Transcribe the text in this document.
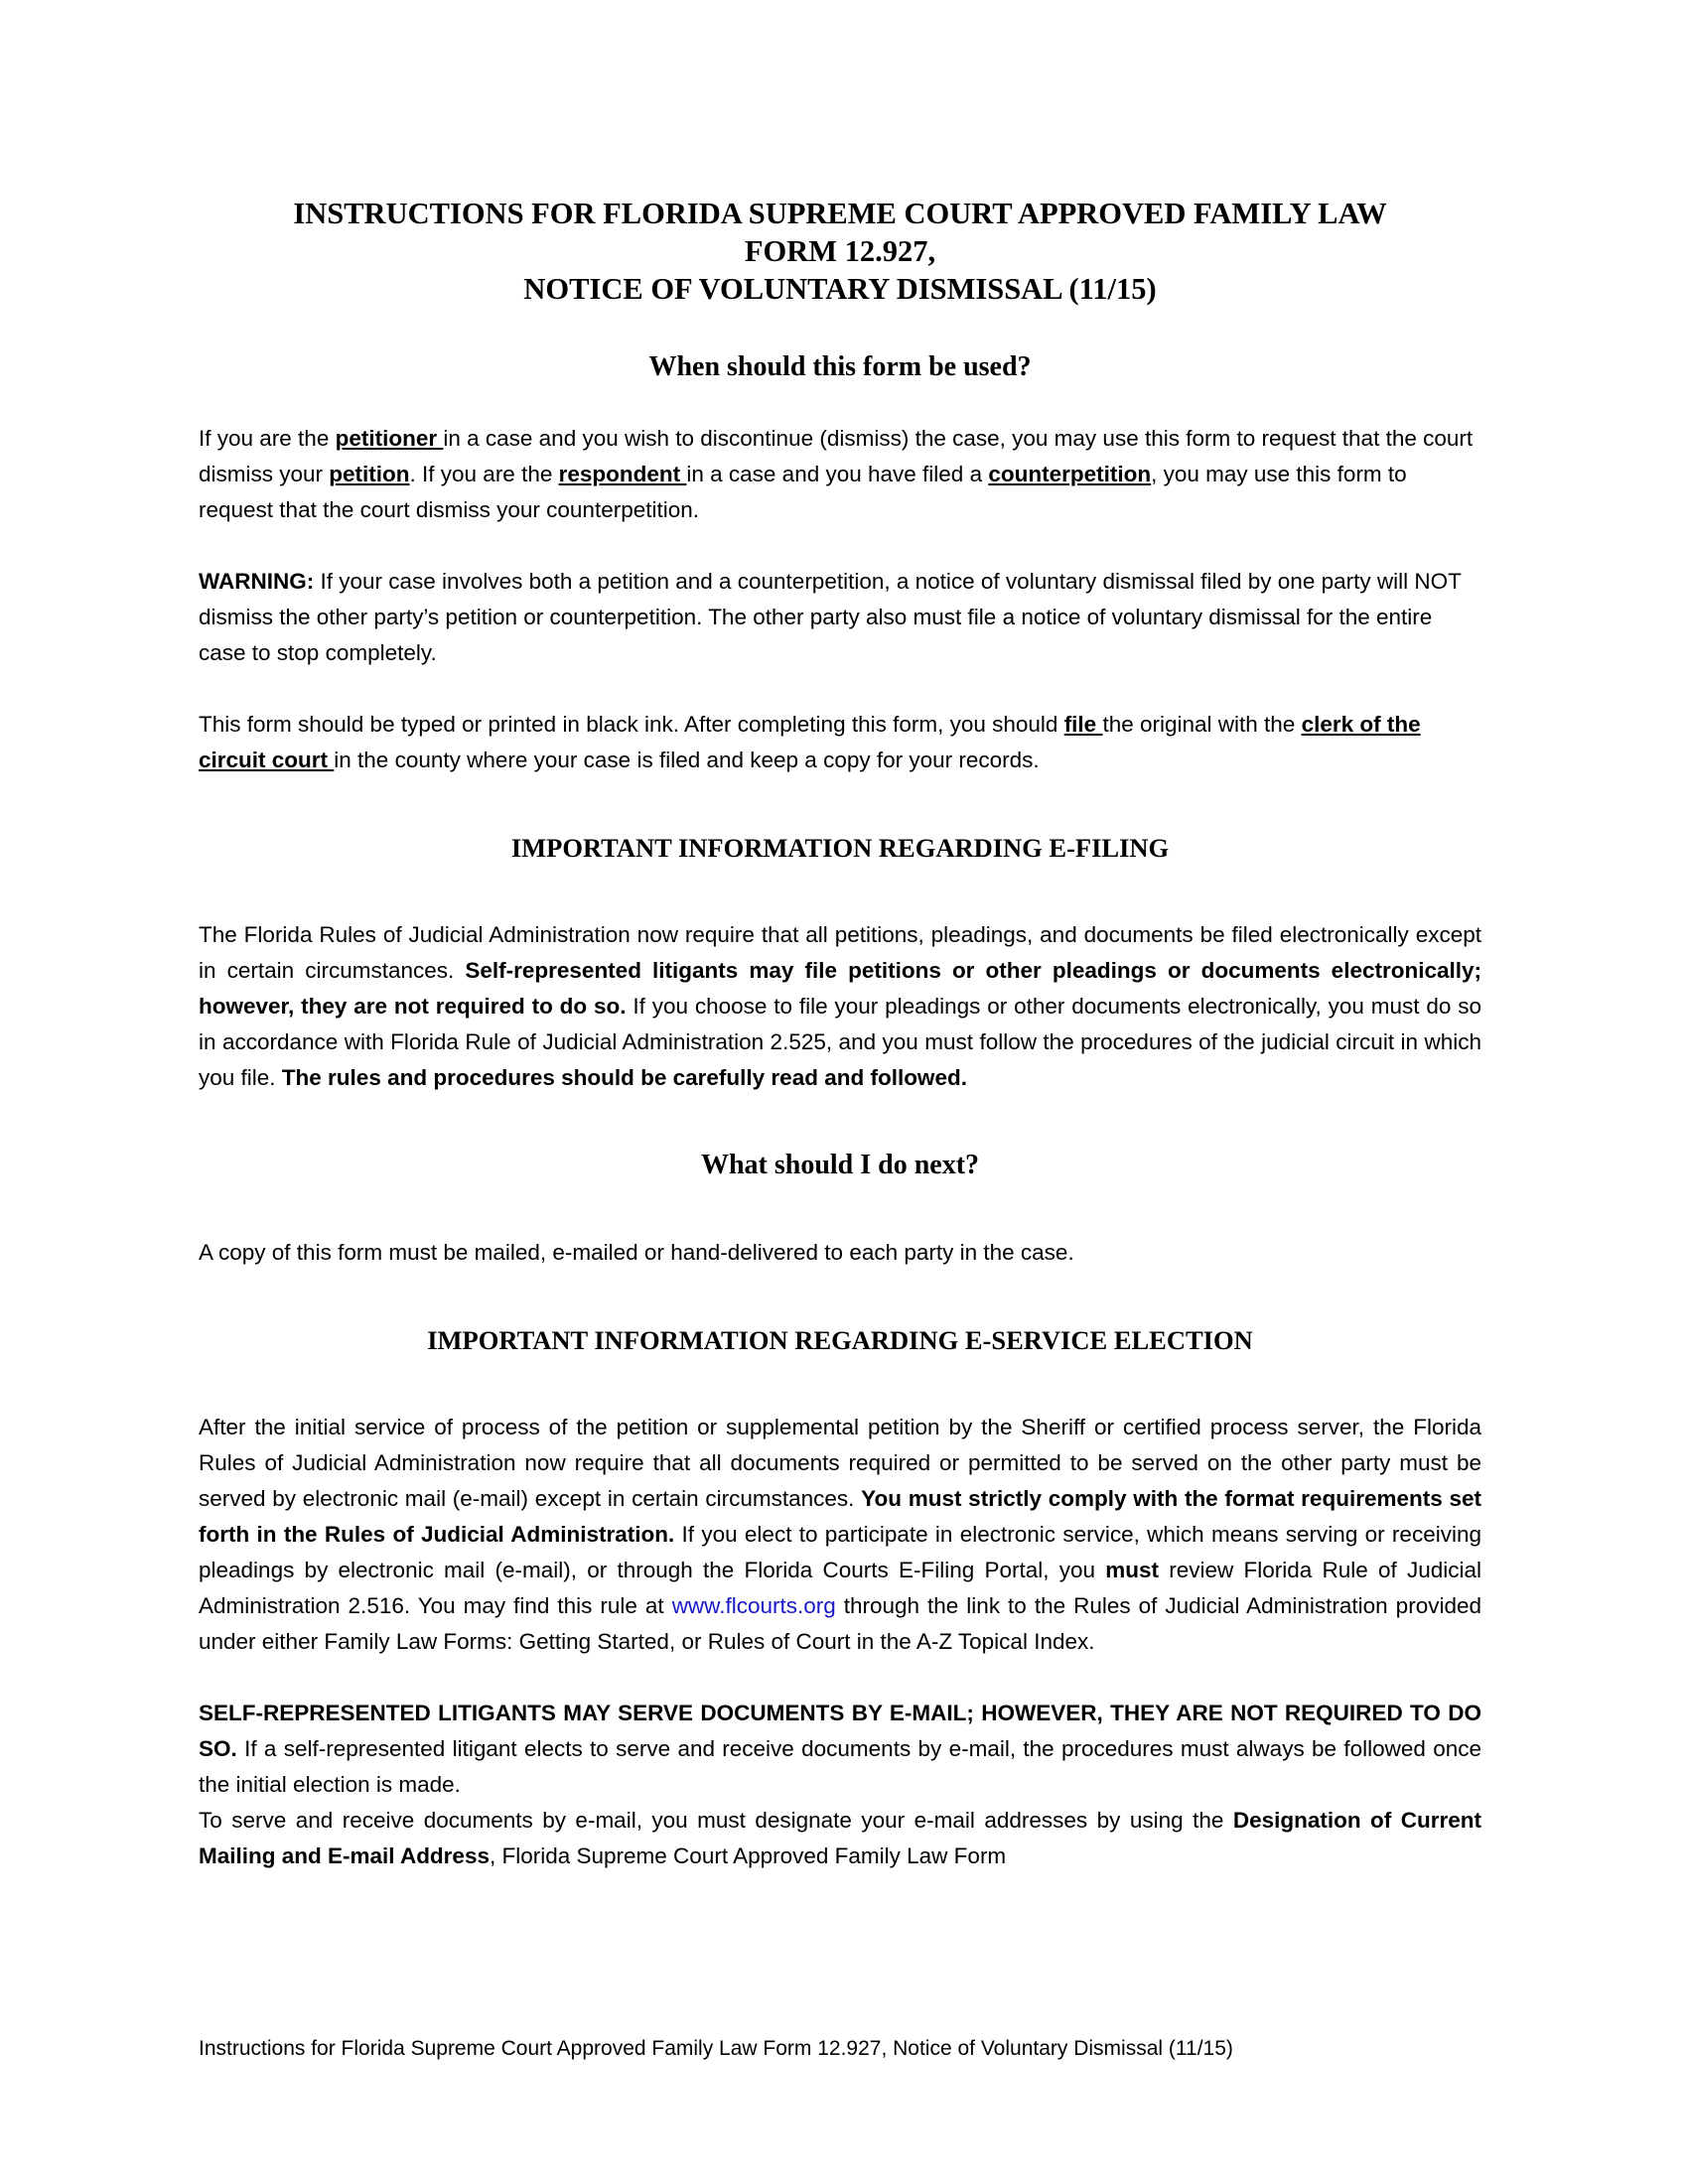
INSTRUCTIONS FOR FLORIDA SUPREME COURT APPROVED FAMILY LAW
FORM 12.927,
NOTICE OF VOLUNTARY DISMISSAL (11/15)
When should this form be used?

If you are the petitioner in a case and you wish to discontinue (dismiss) the case, you may use this form to request that the court dismiss your petition. If you are the respondent in a case and you have filed a counterpetition, you may use this form to request that the court dismiss your counterpetition.

WARNING: If your case involves both a petition and a counterpetition, a notice of voluntary dismissal filed by one party will NOT dismiss the other party’s petition or counterpetition. The other party also must file a notice of voluntary dismissal for the entire case to stop completely.

This form should be typed or printed in black ink. After completing this form, you should file the original with the clerk of the circuit court in the county where your case is filed and keep a copy for your records.

IMPORTANT INFORMATION REGARDING E-FILING

The Florida Rules of Judicial Administration now require that all petitions, pleadings, and documents be filed electronically except in certain circumstances. Self-represented litigants may file petitions or other pleadings or documents electronically; however, they are not required to do so. If you choose to file your pleadings or other documents electronically, you must do so in accordance with Florida Rule of Judicial Administration 2.525, and you must follow the procedures of the judicial circuit in which you file. The rules and procedures should be carefully read and followed.

What should I do next?

A copy of this form must be mailed, e-mailed or hand-delivered to each party in the case.

IMPORTANT INFORMATION REGARDING E-SERVICE ELECTION

After the initial service of process of the petition or supplemental petition by the Sheriff or certified process server, the Florida Rules of Judicial Administration now require that all documents required or permitted to be served on the other party must be served by electronic mail (e-mail) except in certain circumstances. You must strictly comply with the format requirements set forth in the Rules of Judicial Administration. If you elect to participate in electronic service, which means serving or receiving pleadings by electronic mail (e-mail), or through the Florida Courts E-Filing Portal, you must review Florida Rule of Judicial Administration 2.516. You may find this rule at www.flcourts.org through the link to the Rules of Judicial Administration provided under either Family Law Forms: Getting Started, or Rules of Court in the A-Z Topical Index.

SELF-REPRESENTED LITIGANTS MAY SERVE DOCUMENTS BY E-MAIL; HOWEVER, THEY ARE NOT REQUIRED TO DO SO. If a self-represented litigant elects to serve and receive documents by e-mail, the procedures must always be followed once the initial election is made.

To serve and receive documents by e-mail, you must designate your e-mail addresses by using the Designation of Current Mailing and E-mail Address, Florida Supreme Court Approved Family Law Form

Instructions for Florida Supreme Court Approved Family Law Form 12.927, Notice of Voluntary Dismissal (11/15)
